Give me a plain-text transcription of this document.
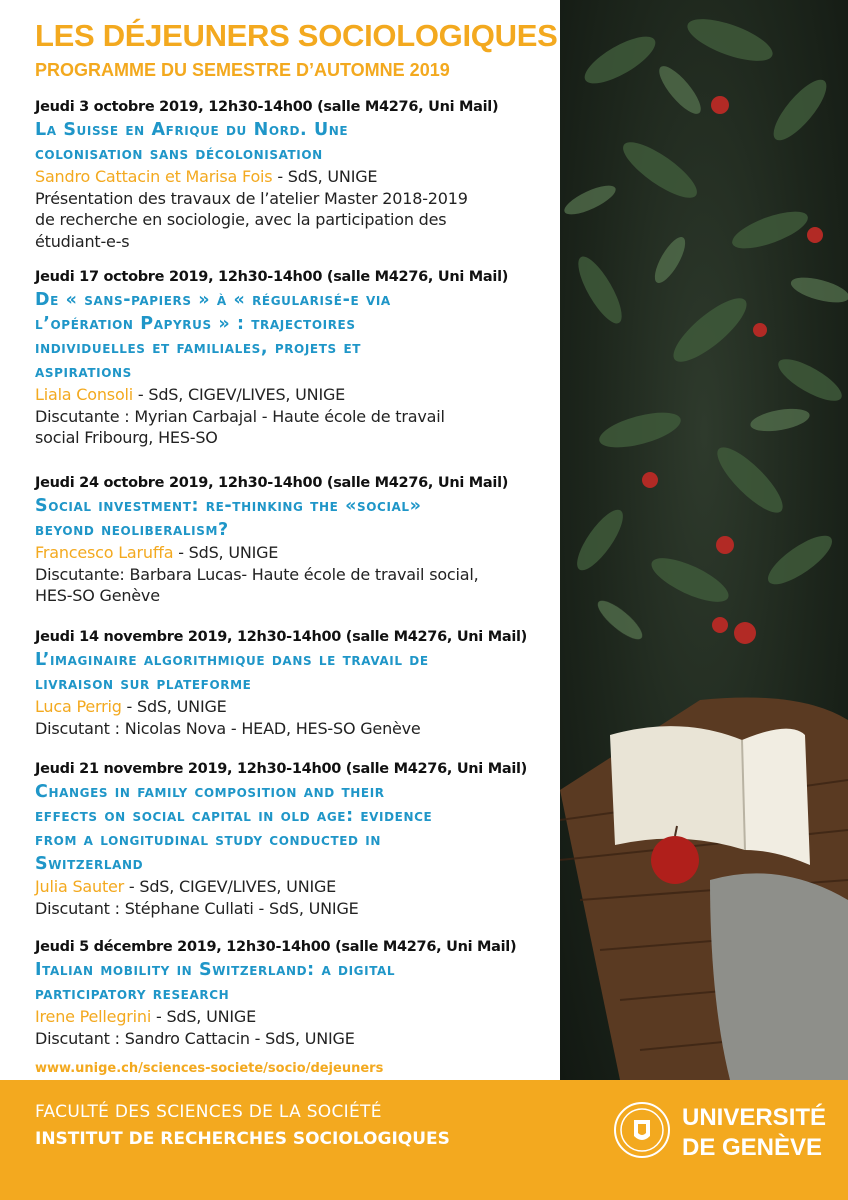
LES DÉJEUNERS SOCIOLOGIQUES
PROGRAMME DU SEMESTRE D’AUTOMNE 2019
Jeudi 3 octobre 2019, 12h30-14h00 (salle M4276, Uni Mail)
La Suisse en Afrique du Nord. Une
colonisation sans décolonisation
Sandro Cattacin et Marisa Fois - SdS, UNIGE
Présentation des travaux de l’atelier Master 2018-2019
de recherche en sociologie, avec la participation des
étudiant-e-s
Jeudi 17 octobre 2019, 12h30-14h00 (salle M4276, Uni Mail)
De « sans-papiers » à « régularisé-e via
l’opération Papyrus » : trajectoires
individuelles et familiales, projets et
aspirations
Liala Consoli - SdS, CIGEV/LIVES, UNIGE
Discutante : Myrian Carbajal - Haute école de travail
social Fribourg, HES-SO
Jeudi 24 octobre 2019, 12h30-14h00 (salle M4276, Uni Mail)
Social investment: re-thinking the «social»
beyond neoliberalism?
Francesco Laruffa - SdS, UNIGE
Discutante: Barbara Lucas- Haute école de travail social,
HES-SO Genève
Jeudi 14 novembre 2019, 12h30-14h00 (salle M4276, Uni Mail)
L’imaginaire algorithmique dans le travail de
livraison sur plateforme
Luca Perrig - SdS, UNIGE
Discutant : Nicolas Nova - HEAD, HES-SO Genève
Jeudi 21 novembre 2019, 12h30-14h00 (salle M4276, Uni Mail)
Changes in family composition and their
effects on social capital in old age: evidence
from a longitudinal study conducted in
Switzerland
Julia Sauter - SdS, CIGEV/LIVES, UNIGE
Discutant : Stéphane Cullati - SdS, UNIGE
Jeudi 5 décembre 2019, 12h30-14h00 (salle M4276, Uni Mail)
Italian mobility in Switzerland: a digital
participatory research
Irene Pellegrini - SdS, UNIGE
Discutant : Sandro Cattacin - SdS, UNIGE
www.unige.ch/sciences-societe/socio/dejeuners
FACULTÉ DES SCIENCES DE LA SOCIÉTÉ
INSTITUT DE RECHERCHES SOCIOLOGIQUES
UNIVERSITÉ
DE GENÈVE
